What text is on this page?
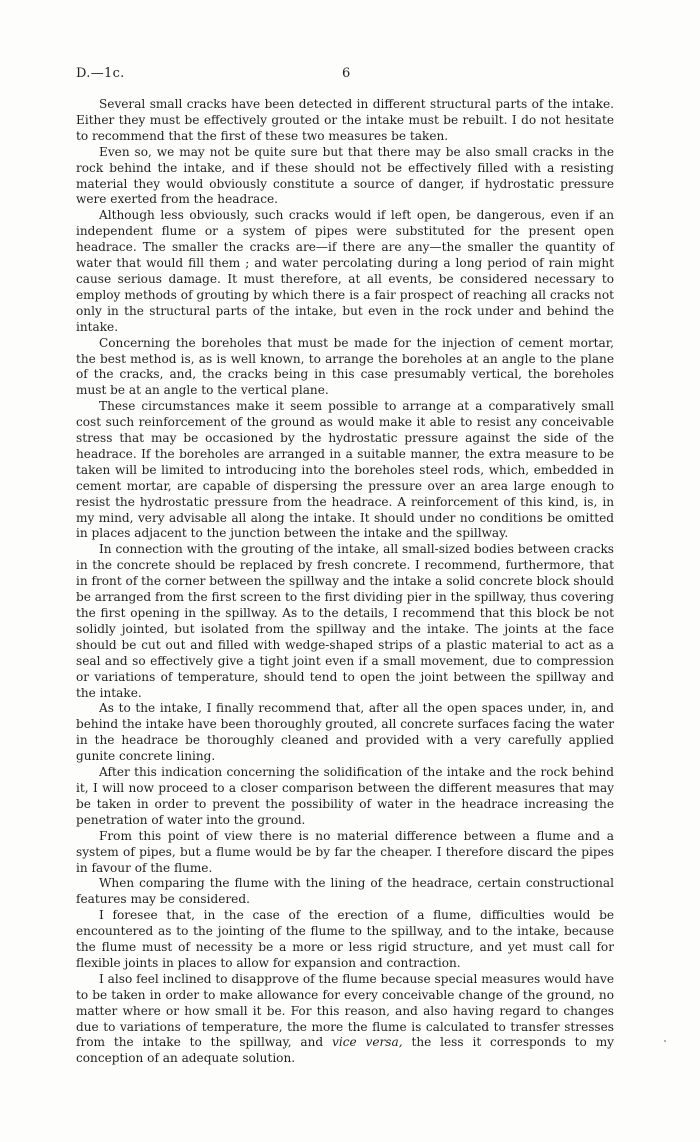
D.—1c.	6

Several small cracks have been detected in different structural parts of the intake. Either they must be effectively grouted or the intake must be rebuilt. I do not hesitate to recommend that the first of these two measures be taken.

Even so, we may not be quite sure but that there may be also small cracks in the rock behind the intake, and if these should not be effectively filled with a resisting material they would obviously constitute a source of danger, if hydrostatic pressure were exerted from the headrace.

Although less obviously, such cracks would if left open, be dangerous, even if an independent flume or a system of pipes were substituted for the present open headrace. The smaller the cracks are—if there are any—the smaller the quantity of water that would fill them ; and water percolating during a long period of rain might cause serious damage. It must therefore, at all events, be considered necessary to employ methods of grouting by which there is a fair prospect of reaching all cracks not only in the structural parts of the intake, but even in the rock under and behind the intake.

Concerning the boreholes that must be made for the injection of cement mortar, the best method is, as is well known, to arrange the boreholes at an angle to the plane of the cracks, and, the cracks being in this case presumably vertical, the boreholes must be at an angle to the vertical plane.

These circumstances make it seem possible to arrange at a comparatively small cost such reinforcement of the ground as would make it able to resist any conceivable stress that may be occasioned by the hydrostatic pressure against the side of the headrace. If the boreholes are arranged in a suitable manner, the extra measure to be taken will be limited to introducing into the boreholes steel rods, which, embedded in cement mortar, are capable of dispersing the pressure over an area large enough to resist the hydrostatic pressure from the headrace. A reinforcement of this kind, is, in my mind, very advisable all along the intake. It should under no conditions be omitted in places adjacent to the junction between the intake and the spillway.

In connection with the grouting of the intake, all small-sized bodies between cracks in the concrete should be replaced by fresh concrete. I recommend, furthermore, that in front of the corner between the spillway and the intake a solid concrete block should be arranged from the first screen to the first dividing pier in the spillway, thus covering the first opening in the spillway. As to the details, I recommend that this block be not solidly jointed, but isolated from the spillway and the intake. The joints at the face should be cut out and filled with wedge-shaped strips of a plastic material to act as a seal and so effectively give a tight joint even if a small movement, due to compression or variations of temperature, should tend to open the joint between the spillway and the intake.

As to the intake, I finally recommend that, after all the open spaces under, in, and behind the intake have been thoroughly grouted, all concrete surfaces facing the water in the headrace be thoroughly cleaned and provided with a very carefully applied gunite concrete lining.

After this indication concerning the solidification of the intake and the rock behind it, I will now proceed to a closer comparison between the different measures that may be taken in order to prevent the possibility of water in the headrace increasing the penetration of water into the ground.

From this point of view there is no material difference between a flume and a system of pipes, but a flume would be by far the cheaper. I therefore discard the pipes in favour of the flume.

When comparing the flume with the lining of the headrace, certain constructional features may be considered.

I foresee that, in the case of the erection of a flume, difficulties would be encountered as to the jointing of the flume to the spillway, and to the intake, because the flume must of necessity be a more or less rigid structure, and yet must call for flexible joints in places to allow for expansion and contraction.

I also feel inclined to disapprove of the flume because special measures would have to be taken in order to make allowance for every conceivable change of the ground, no matter where or how small it be. For this reason, and also having regard to changes due to variations of temperature, the more the flume is calculated to transfer stresses from the intake to the spillway, and vice versa, the less it corresponds to my conception of an adequate solution.
